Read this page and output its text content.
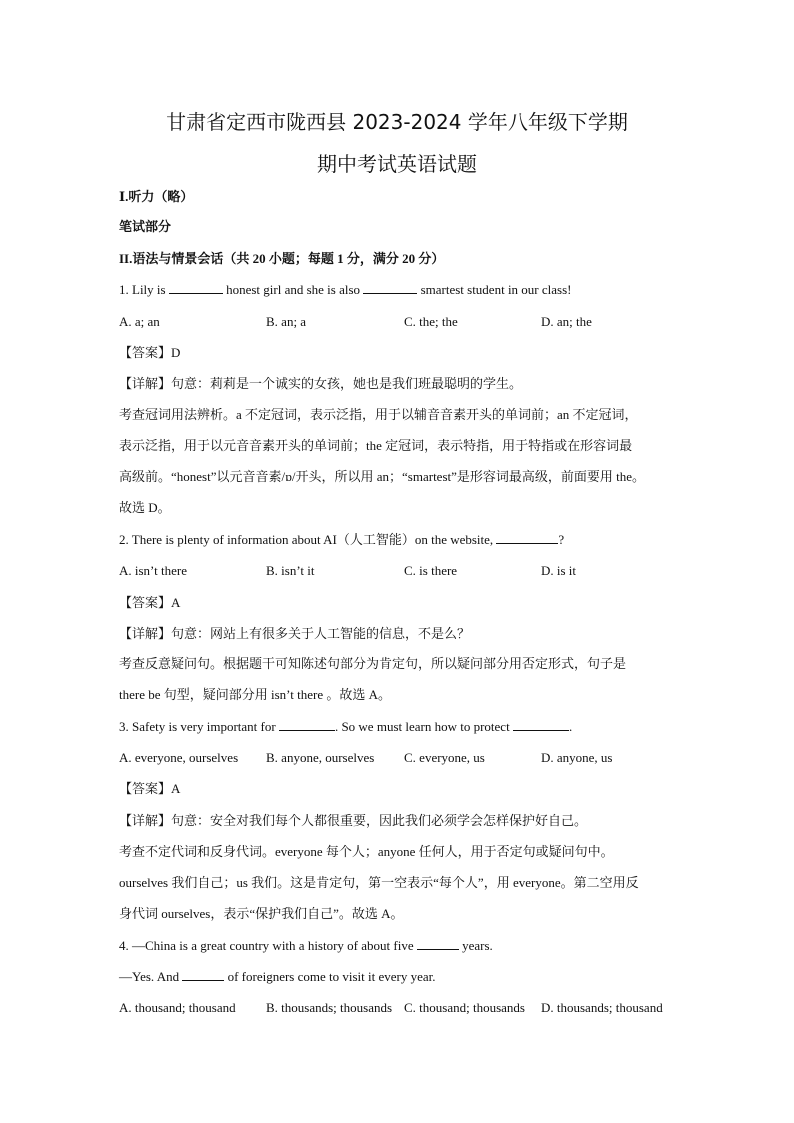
甘肃省定西市陇西县 2023-2024 学年八年级下学期
期中考试英语试题
Ⅰ.听力（略）
笔试部分
II.语法与情景会话（共 20 小题；每题 1 分，满分 20 分）
1. Lily is	honest girl and she is also	smartest student in our class!
A. a; an	B. an; a	C. the; the	D. an; the
【答案】D
【详解】句意：莉莉是一个诚实的女孩，她也是我们班最聪明的学生。
考查冠词用法辨析。a 不定冠词，表示泛指，用于以辅音音素开头的单词前；an 不定冠词，
表示泛指，用于以元音音素开头的单词前；the 定冠词，表示特指，用于特指或在形容词最
高级前。“honest”以元音音素/ɒ/开头，所以用 an；“smartest”是形容词最高级，前面要用 the。
故选 D。
2. There is plenty of information about AI（人工智能）on the website,	?
A. isn’t there	B. isn’t it	C. is there	D. is it
【答案】A
【详解】句意：网站上有很多关于人工智能的信息，不是么？
考查反意疑问句。根据题干可知陈述句部分为肯定句，所以疑问部分用否定形式，句子是
there be 句型，疑问部分用 isn’t there 。故选 A。
3. Safety is very important for	. So we must learn how to protect	.
A. everyone, ourselves B. anyone, ourselves C. everyone, us	D. anyone, us
【答案】A
【详解】句意：安全对我们每个人都很重要，因此我们必须学会怎样保护好自己。
考查不定代词和反身代词。everyone 每个人；anyone 任何人，用于否定句或疑问句中。
ourselves 我们自己；us 我们。这是肯定句，第一空表示“每个人”，用 everyone。第二空用反
身代词 ourselves，表示“保护我们自己”。故选 A。
4. —China is a great country with a history of about five	years.
—Yes. And	of foreigners come to visit it every year.
A. thousand; thousand B. thousands; thousands C. thousand; thousands D. thousands; thousand
